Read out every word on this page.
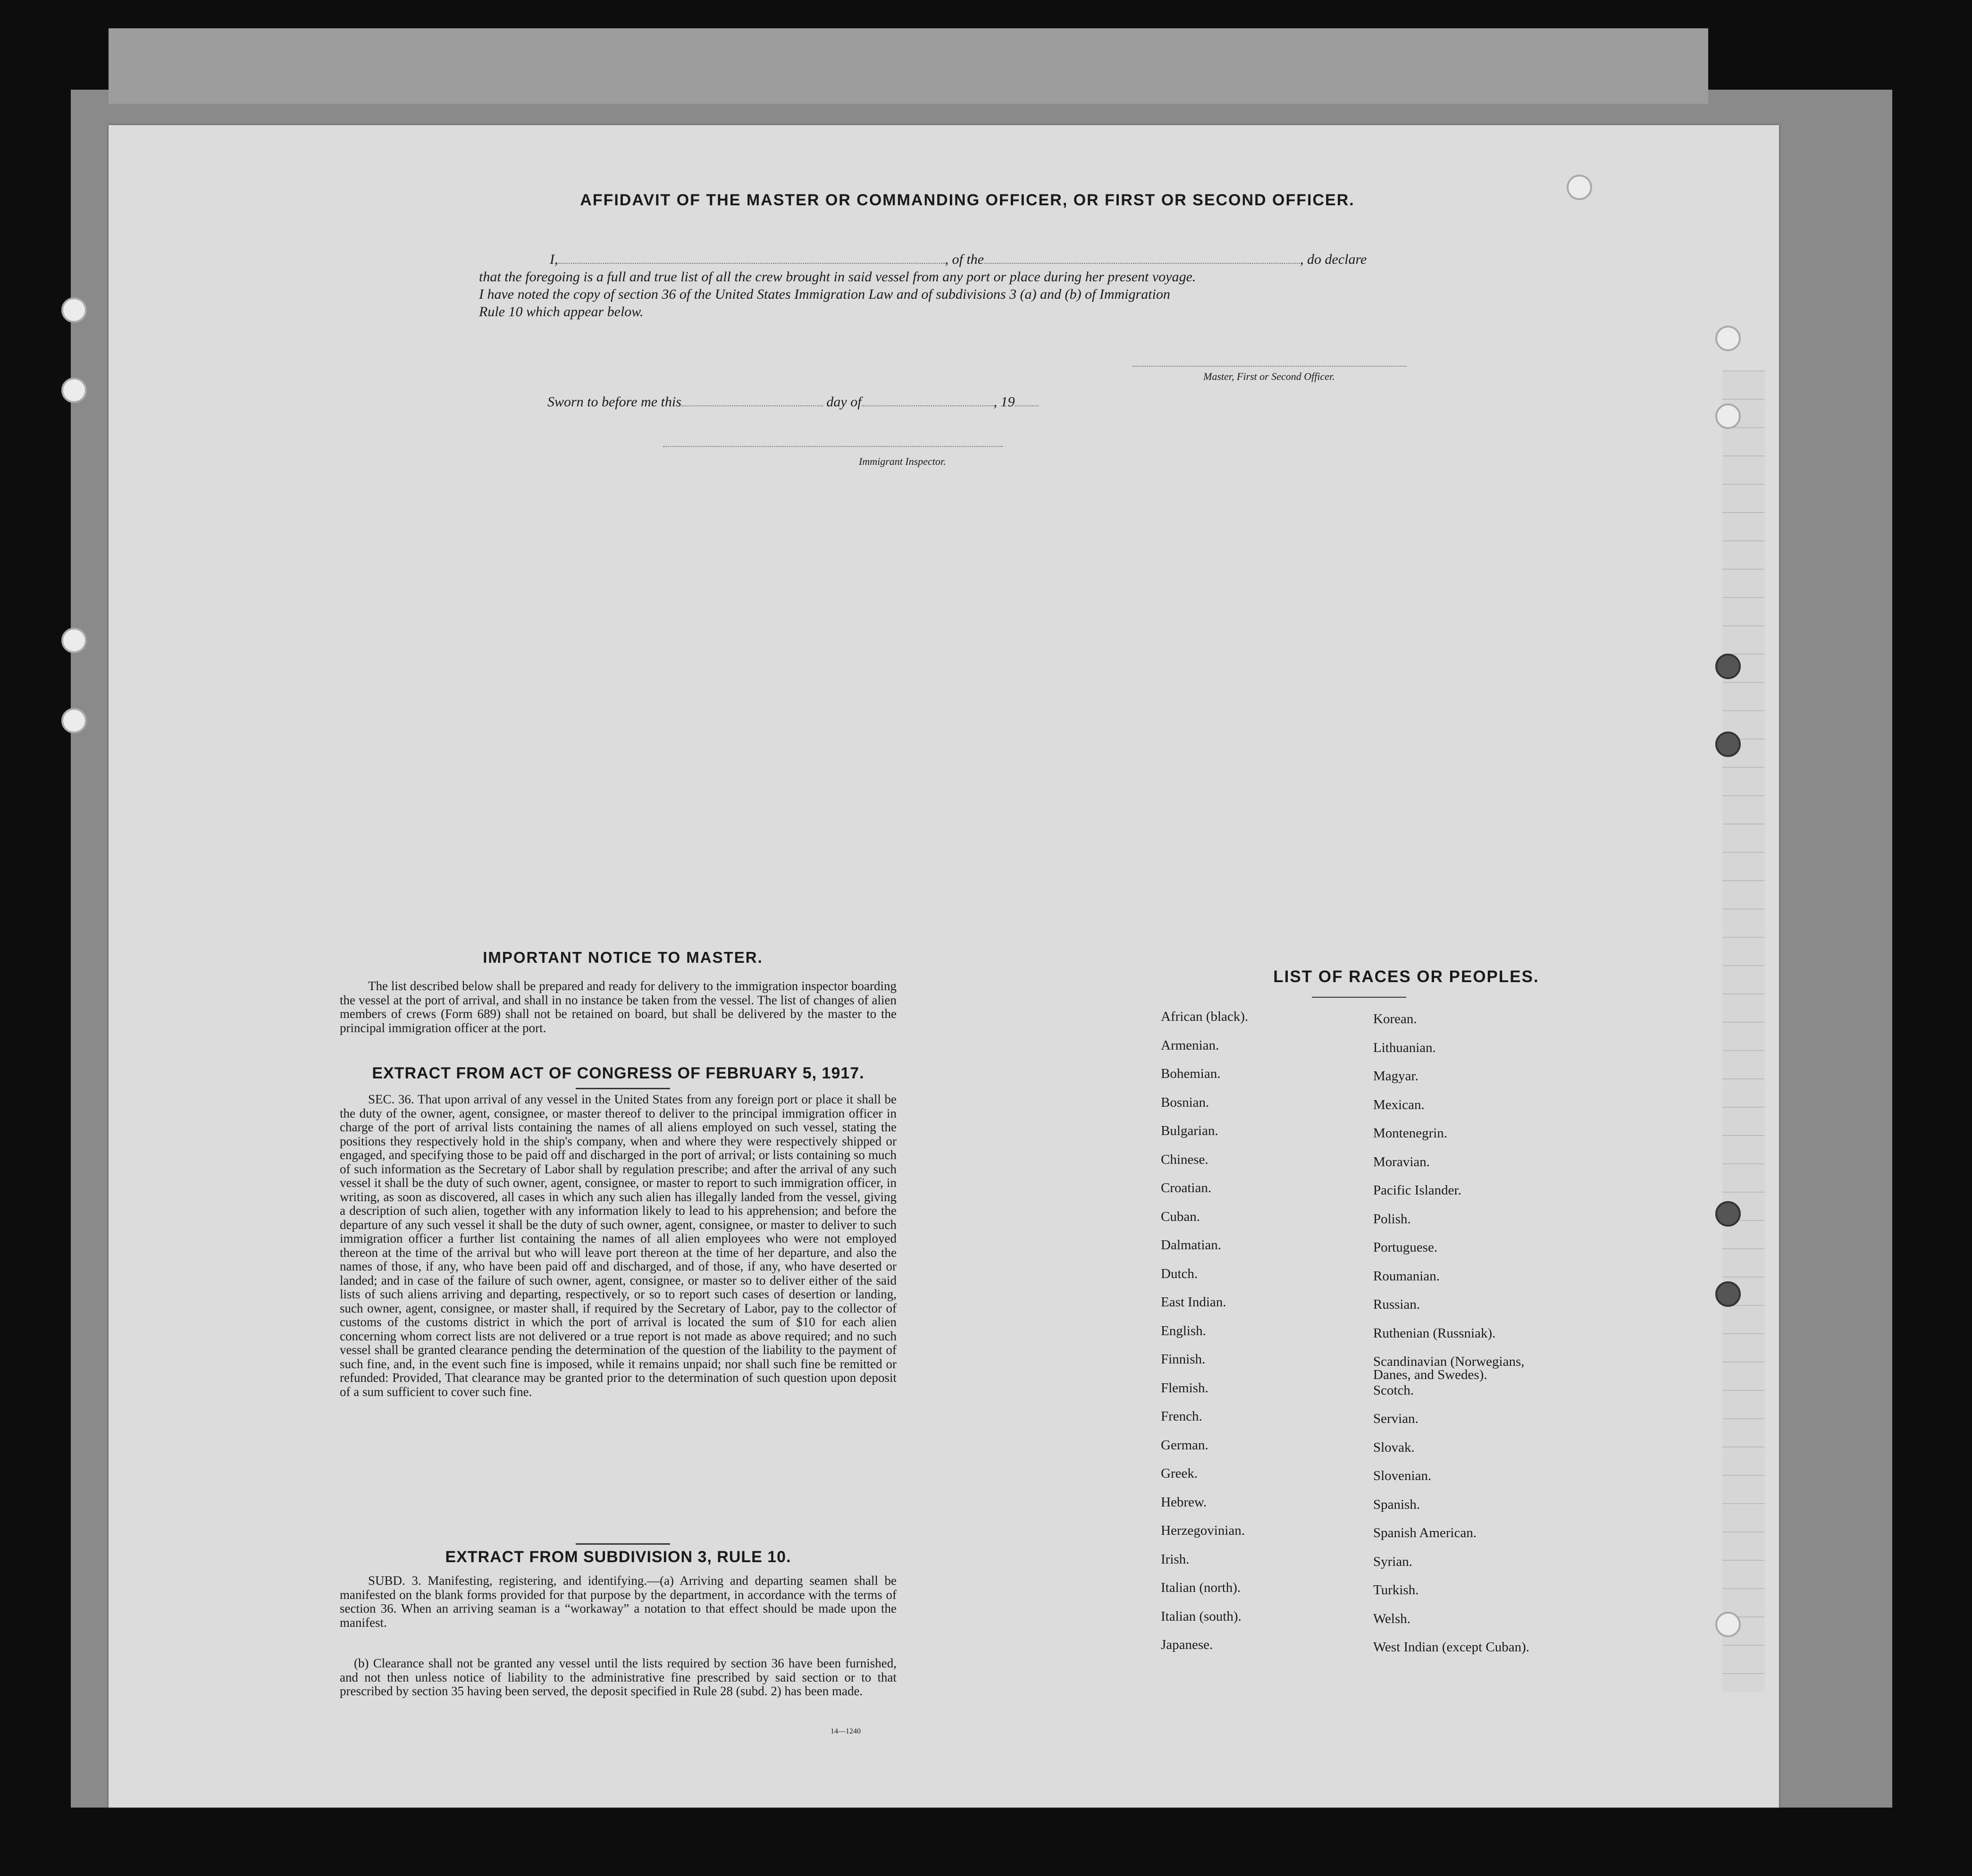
AFFIDAVIT OF THE MASTER OR COMMANDING OFFICER, OR FIRST OR SECOND OFFICER.
I,	, of the	, do declare
that the foregoing is a full and true list of all the crew brought in said vessel from any port or place during her present voyage.
I have noted the copy of section 36 of the United States Immigration Law and of subdivisions 3 (a) and (b) of Immigration
Rule 10 which appear below.
Master, First or Second Officer.
Sworn to before me this	day of	, 19
Immigrant Inspector.
IMPORTANT NOTICE TO MASTER.
The list described below shall be prepared and ready for delivery to the immigration inspector boarding the vessel at the port of arrival, and shall in no instance be taken from the vessel. The list of changes of alien members of crews (Form 689) shall not be retained on board, but shall be delivered by the master to the principal immigration officer at the port.
EXTRACT FROM ACT OF CONGRESS OF FEBRUARY 5, 1917.
SEC. 36. That upon arrival of any vessel in the United States from any foreign port or place it shall be the duty of the owner, agent, consignee, or master thereof to deliver to the principal immigration officer in charge of the port of arrival lists containing the names of all aliens employed on such vessel, stating the positions they respectively hold in the ship's company, when and where they were respectively shipped or engaged, and specifying those to be paid off and discharged in the port of arrival; or lists containing so much of such information as the Secretary of Labor shall by regulation prescribe; and after the arrival of any such vessel it shall be the duty of such owner, agent, consignee, or master to report to such immigration officer, in writing, as soon as discovered, all cases in which any such alien has illegally landed from the vessel, giving a description of such alien, together with any information likely to lead to his apprehension; and before the departure of any such vessel it shall be the duty of such owner, agent, consignee, or master to deliver to such immigration officer a further list containing the names of all alien employees who were not employed thereon at the time of the arrival but who will leave port thereon at the time of her departure, and also the names of those, if any, who have been paid off and discharged, and of those, if any, who have deserted or landed; and in case of the failure of such owner, agent, consignee, or master so to deliver either of the said lists of such aliens arriving and departing, respectively, or so to report such cases of desertion or landing, such owner, agent, consignee, or master shall, if required by the Secretary of Labor, pay to the collector of customs of the customs district in which the port of arrival is located the sum of $10 for each alien concerning whom correct lists are not delivered or a true report is not made as above required; and no such vessel shall be granted clearance pending the determination of the question of the liability to the payment of such fine, and, in the event such fine is imposed, while it remains unpaid; nor shall such fine be remitted or refunded: Provided, That clearance may be granted prior to the determination of such question upon deposit of a sum sufficient to cover such fine.
EXTRACT FROM SUBDIVISION 3, RULE 10.
SUBD. 3. Manifesting, registering, and identifying.—(a) Arriving and departing seamen shall be manifested on the blank forms provided for that purpose by the department, in accordance with the terms of section 36. When an arriving seaman is a “workaway” a notation to that effect should be made upon the manifest.
(b) Clearance shall not be granted any vessel until the lists required by section 36 have been furnished, and not then unless notice of liability to the administrative fine prescribed by said section or to that prescribed by section 35 having been served, the deposit specified in Rule 28 (subd. 2) has been made.
14—1240
LIST OF RACES OR PEOPLES.
African (black).
Armenian.
Bohemian.
Bosnian.
Bulgarian.
Chinese.
Croatian.
Cuban.
Dalmatian.
Dutch.
East Indian.
English.
Finnish.
Flemish.
French.
German.
Greek.
Hebrew.
Herzegovinian.
Irish.
Italian (north).
Italian (south).
Japanese.
Korean.
Lithuanian.
Magyar.
Mexican.
Montenegrin.
Moravian.
Pacific Islander.
Polish.
Portuguese.
Roumanian.
Russian.
Ruthenian (Russniak).
Scandinavian (Norwegians,
Danes, and Swedes).
Scotch.
Servian.
Slovak.
Slovenian.
Spanish.
Spanish American.
Syrian.
Turkish.
Welsh.
West Indian (except Cuban).
